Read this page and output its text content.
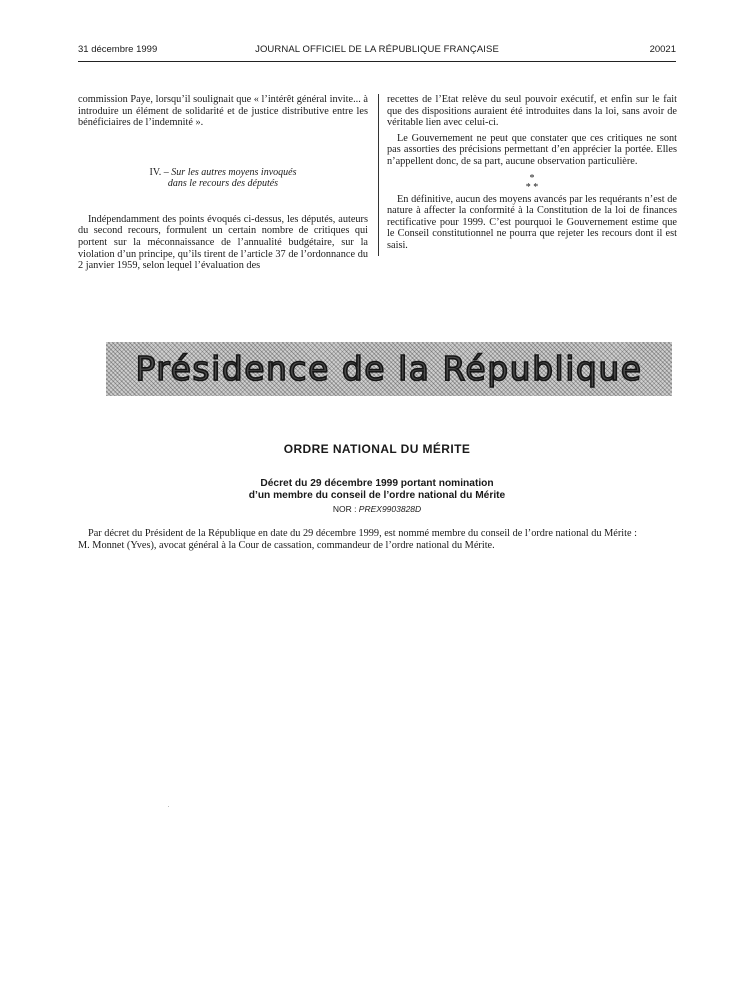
31 décembre 1999	JOURNAL OFFICIEL DE LA RÉPUBLIQUE FRANÇAISE	20021

commission Paye, lorsqu’il soulignait que « l’intérêt général invite... à introduire un élément de solidarité et de justice distributive entre les bénéficiaires de l’indemnité ».

IV. – Sur les autres moyens invoqués
dans le recours des députés

Indépendamment des points évoqués ci-dessus, les députés, auteurs du second recours, formulent un certain nombre de critiques qui portent sur la méconnaissance de l’annualité budgétaire, sur la violation d’un principe, qu’ils tirent de l’article 37 de l’ordonnance du 2 janvier 1959, selon lequel l’évaluation des

recettes de l’Etat relève du seul pouvoir exécutif, et enfin sur le fait que des dispositions auraient été introduites dans la loi, sans avoir de véritable lien avec celui-ci.

Le Gouvernement ne peut que constater que ces critiques ne sont pas assorties des précisions permettant d’en apprécier la portée. Elles n’appellent donc, de sa part, aucune observation particulière.

*
* *

En définitive, aucun des moyens avancés par les requérants n’est de nature à affecter la conformité à la Constitution de la loi de finances rectificative pour 1999. C’est pourquoi le Gouvernement estime que le Conseil constitutionnel ne pourra que rejeter les recours dont il est saisi.

Présidence de la République
ORDRE NATIONAL DU MÉRITE
Décret du 29 décembre 1999 portant nomination
d’un membre du conseil de l’ordre national du Mérite
NOR : PREX9903828D

Par décret du Président de la République en date du 29 décembre 1999, est nommé membre du conseil de l’ordre national du Mérite :

M. Monnet (Yves), avocat général à la Cour de cassation, commandeur de l’ordre national du Mérite.
